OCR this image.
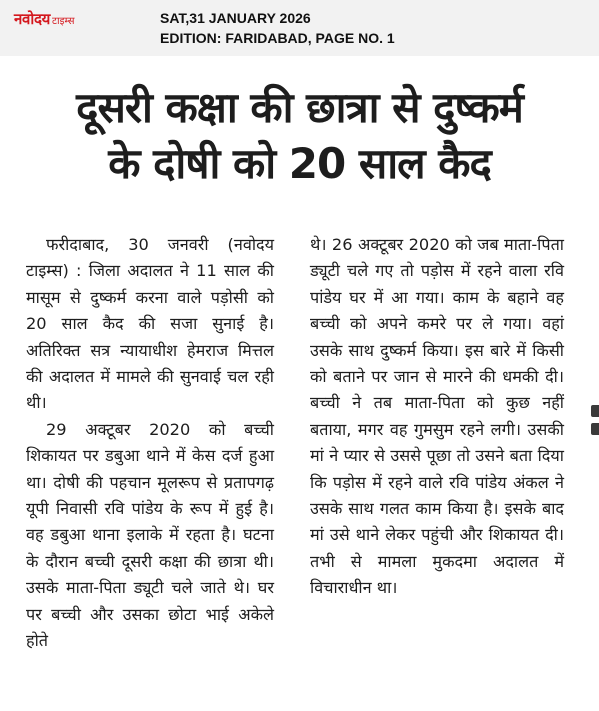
नवोदय टाइम्स	SAT,31 JANUARY 2026
EDITION: FARIDABAD, PAGE NO. 1
दूसरी कक्षा की छात्रा से दुष्कर्म
के दोषी को 20 साल कैद

फरीदाबाद, 30 जनवरी (नवोदय टाइम्स) : जिला अदालत ने 11 साल की मासूम से दुष्कर्म करना वाले पड़ोसी को 20 साल कैद की सजा सुनाई है। अतिरिक्त सत्र न्यायाधीश हेमराज मित्तल की अदालत में मामले की सुनवाई चल रही थी।

29 अक्टूबर 2020 को बच्ची शिकायत पर डबुआ थाने में केस दर्ज हुआ था। दोषी की पहचान मूलरूप से प्रतापगढ़ यूपी निवासी रवि पांडेय के रूप में हुई है। वह डबुआ थाना इलाके में रहता है। घटना के दौरान बच्ची दूसरी कक्षा की छात्रा थी। उसके माता-पिता ड्यूटी चले जाते थे। घर पर बच्ची और उसका छोटा भाई अकेले होते

थे। 26 अक्टूबर 2020 को जब माता-पिता ड्यूटी चले गए तो पड़ोस में रहने वाला रवि पांडेय घर में आ गया। काम के बहाने वह बच्ची को अपने कमरे पर ले गया। वहां उसके साथ दुष्कर्म किया। इस बारे में किसी को बताने पर जान से मारने की धमकी दी। बच्ची ने तब माता-पिता को कुछ नहीं बताया, मगर वह गुमसुम रहने लगी। उसकी मां ने प्यार से उससे पूछा तो उसने बता दिया कि पड़ोस में रहने वाले रवि पांडेय अंकल ने उसके साथ गलत काम किया है। इसके बाद मां उसे थाने लेकर पहुंची और शिकायत दी। तभी से मामला मुकदमा अदालत में विचाराधीन था।
